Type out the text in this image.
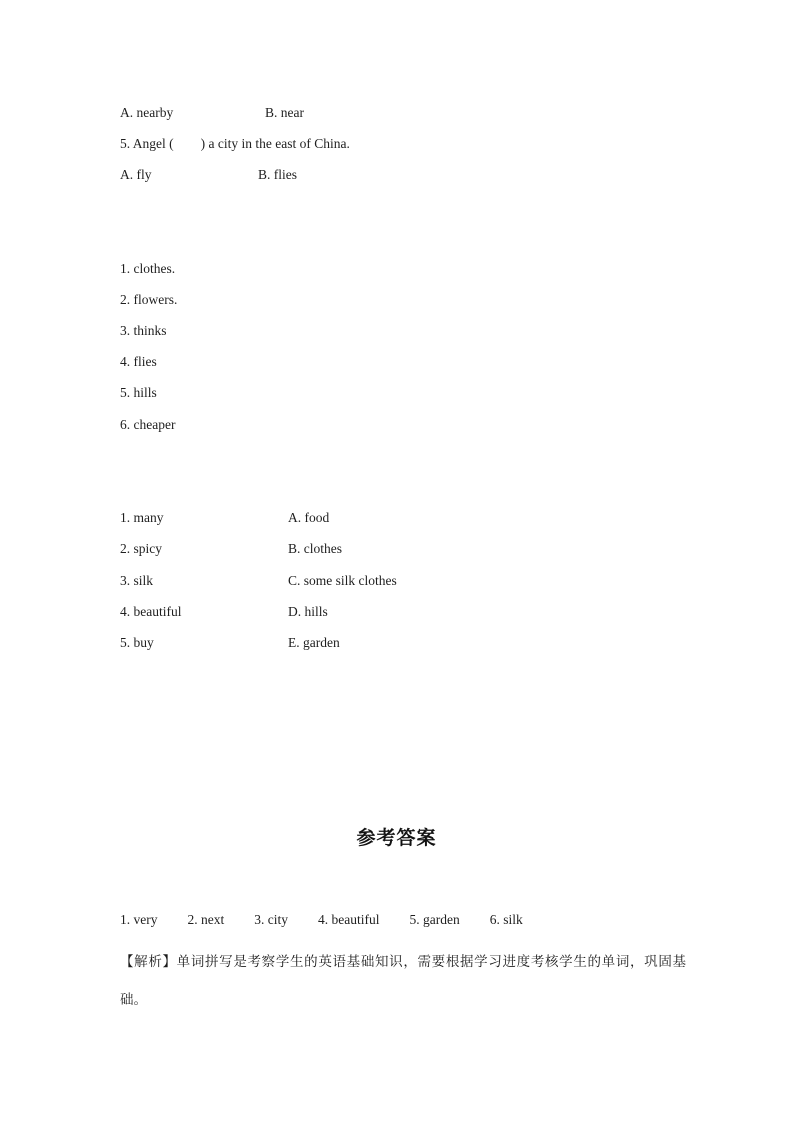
A. nearby	B. near
5. Angel (　　) a city in the east of China.
A. fly	B. flies
1. clothes.
2. flowers.
3. thinks
4. flies
5. hills
6. cheaper
1. many	A. food
2. spicy	B. clothes
3. silk	C. some silk clothes
4. beautiful	D. hills
5. buy	E. garden
参考答案
1. very 2. next 3. city 4. beautiful 5. garden 6. silk
【解析】单词拼写是考察学生的英语基础知识，需要根据学习进度考核学生的单词，巩固基础。
